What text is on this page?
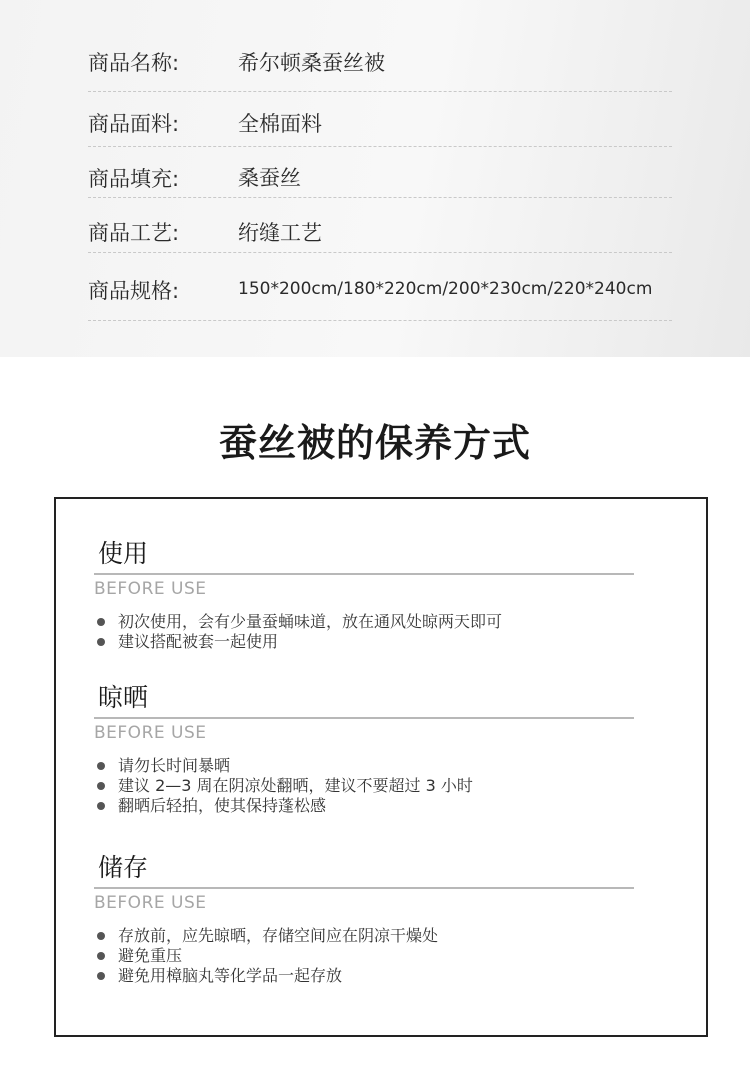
商品名称:	希尔顿桑蚕丝被
商品面料:	全棉面料
商品填充:	桑蚕丝
商品工艺:	绗缝工艺
商品规格:	150*200cm/180*220cm/200*230cm/220*240cm
蚕丝被的保养方式
使用
BEFORE USE
初次使用，会有少量蚕蛹味道，放在通风处晾两天即可
建议搭配被套一起使用
晾晒
BEFORE USE
请勿长时间暴晒
建议 2—3 周在阴凉处翻晒，建议不要超过 3 小时
翻晒后轻拍，使其保持蓬松感
储存
BEFORE USE
存放前，应先晾晒，存储空间应在阴凉干燥处
避免重压
避免用樟脑丸等化学品一起存放
